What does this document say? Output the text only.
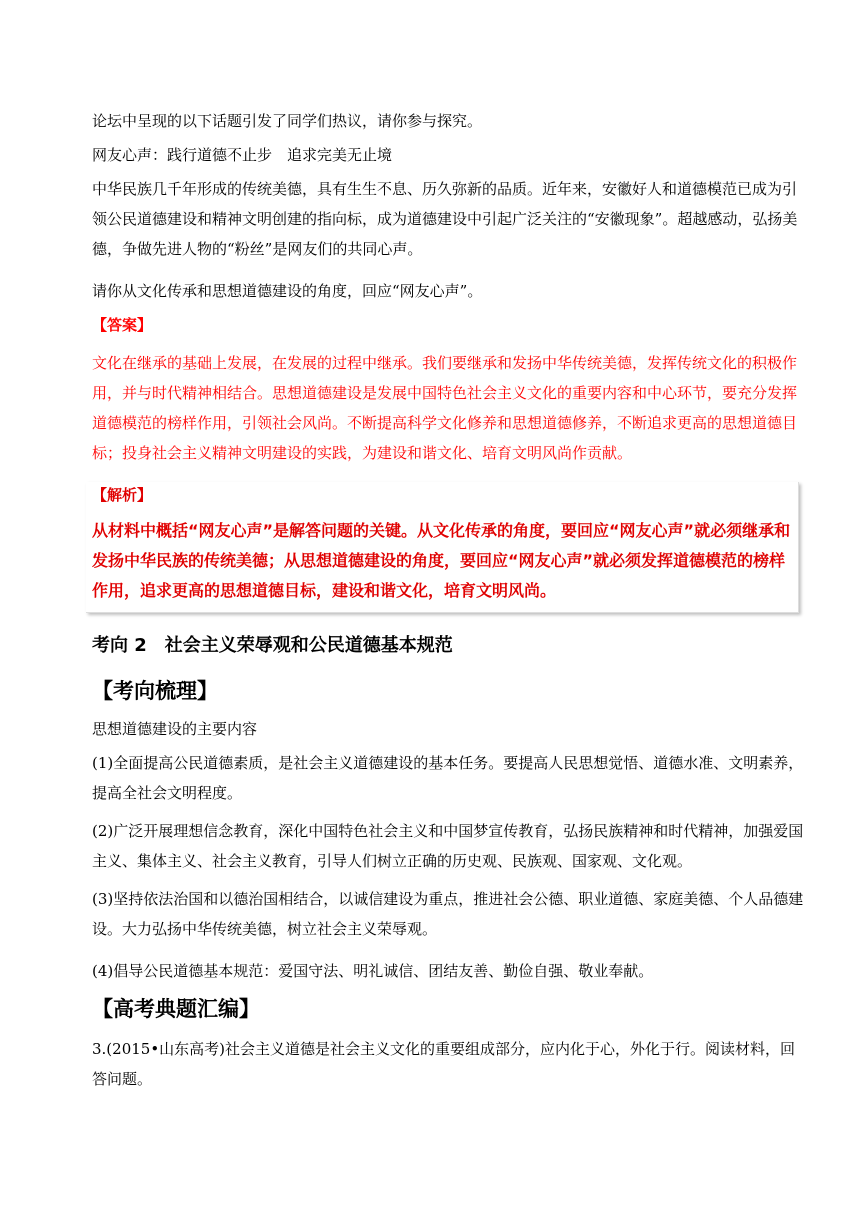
论坛中呈现的以下话题引发了同学们热议，请你参与探究。

网友心声：践行道德不止步　追求完美无止境

中华民族几千年形成的传统美德，具有生生不息、历久弥新的品质。近年来，安徽好人和道德模范已成为引领公民道德建设和精神文明创建的指向标，成为道德建设中引起广泛关注的“安徽现象”。超越感动，弘扬美德，争做先进人物的“粉丝”是网友们的共同心声。

请你从文化传承和思想道德建设的角度，回应“网友心声”。

【答案】

文化在继承的基础上发展，在发展的过程中继承。我们要继承和发扬中华传统美德，发挥传统文化的积极作用，并与时代精神相结合。思想道德建设是发展中国特色社会主义文化的重要内容和中心环节，要充分发挥道德模范的榜样作用，引领社会风尚。不断提高科学文化修养和思想道德修养，不断追求更高的思想道德目标；投身社会主义精神文明建设的实践，为建设和谐文化、培育文明风尚作贡献。

【解析】
从材料中概括“网友心声”是解答问题的关键。从文化传承的角度，要回应“网友心声”就必须继承和发扬中华民族的传统美德；从思想道德建设的角度，要回应“网友心声”就必须发挥道德模范的榜样作用，追求更高的思想道德目标，建设和谐文化，培育文明风尚。

考向 2　社会主义荣辱观和公民道德基本规范

【考向梳理】

思想道德建设的主要内容

(1)全面提高公民道德素质，是社会主义道德建设的基本任务。要提高人民思想觉悟、道德水准、文明素养，提高全社会文明程度。

(2)广泛开展理想信念教育，深化中国特色社会主义和中国梦宣传教育，弘扬民族精神和时代精神，加强爱国主义、集体主义、社会主义教育，引导人们树立正确的历史观、民族观、国家观、文化观。

(3)坚持依法治国和以德治国相结合，以诚信建设为重点，推进社会公德、职业道德、家庭美德、个人品德建设。大力弘扬中华传统美德，树立社会主义荣辱观。

(4)倡导公民道德基本规范：爱国守法、明礼诚信、团结友善、勤俭自强、敬业奉献。

【高考典题汇编】

3.(2015•山东高考)社会主义道德是社会主义文化的重要组成部分，应内化于心，外化于行。阅读材料，回答问题。
